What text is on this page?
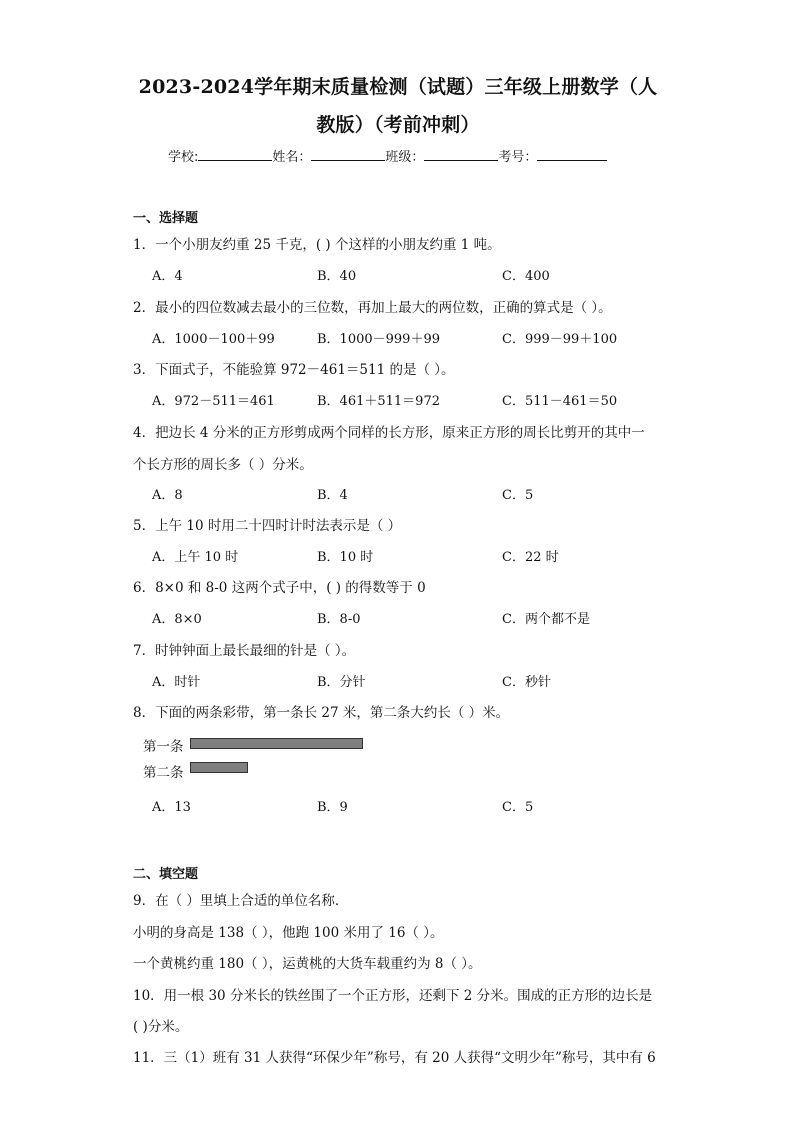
2023-2024学年期末质量检测（试题）三年级上册数学（人
教版）（考前冲刺）
学校:	姓名：	班级：	考号：
一、选择题
1．一个小朋友约重 25 千克，( ) 个这样的小朋友约重 1 吨。
A．4	B．40	C．400
2．最小的四位数减去最小的三位数，再加上最大的两位数，正确的算式是（ ）。
A．1000－100＋99	B．1000－999＋99	C．999－99＋100
3．下面式子，不能验算 972－461＝511 的是（ ）。
A．972－511＝461	B．461＋511＝972	C．511－461＝50
4．把边长 4 分米的正方形剪成两个同样的长方形，原来正方形的周长比剪开的其中一
个长方形的周长多（ ）分米。
A．8	B．4	C．5
5．上午 10 时用二十四时计时法表示是（ ）
A．上午 10 时	B．10 时	C．22 时
6．8×0 和 8-0 这两个式子中，( ) 的得数等于 0
A．8×0	B．8-0	C．两个都不是
7．时钟钟面上最长最细的针是（ ）。
A．时针	B．分针	C．秒针
8．下面的两条彩带，第一条长 27 米，第二条大约长（ ）米。
第一条
第二条
A．13	B．9	C．5
二、填空题
9．在（ ）里填上合适的单位名称．
小明的身高是 138（ ），他跑 100 米用了 16（ ）。
一个黄桃约重 180（ ），运黄桃的大货车载重约为 8（ ）。
10．用一根 30 分米长的铁丝围了一个正方形，还剩下 2 分米。围成的正方形的边长是
( )分米。
11．三（1）班有 31 人获得“环保少年”称号，有 20 人获得“文明少年”称号，其中有 6
